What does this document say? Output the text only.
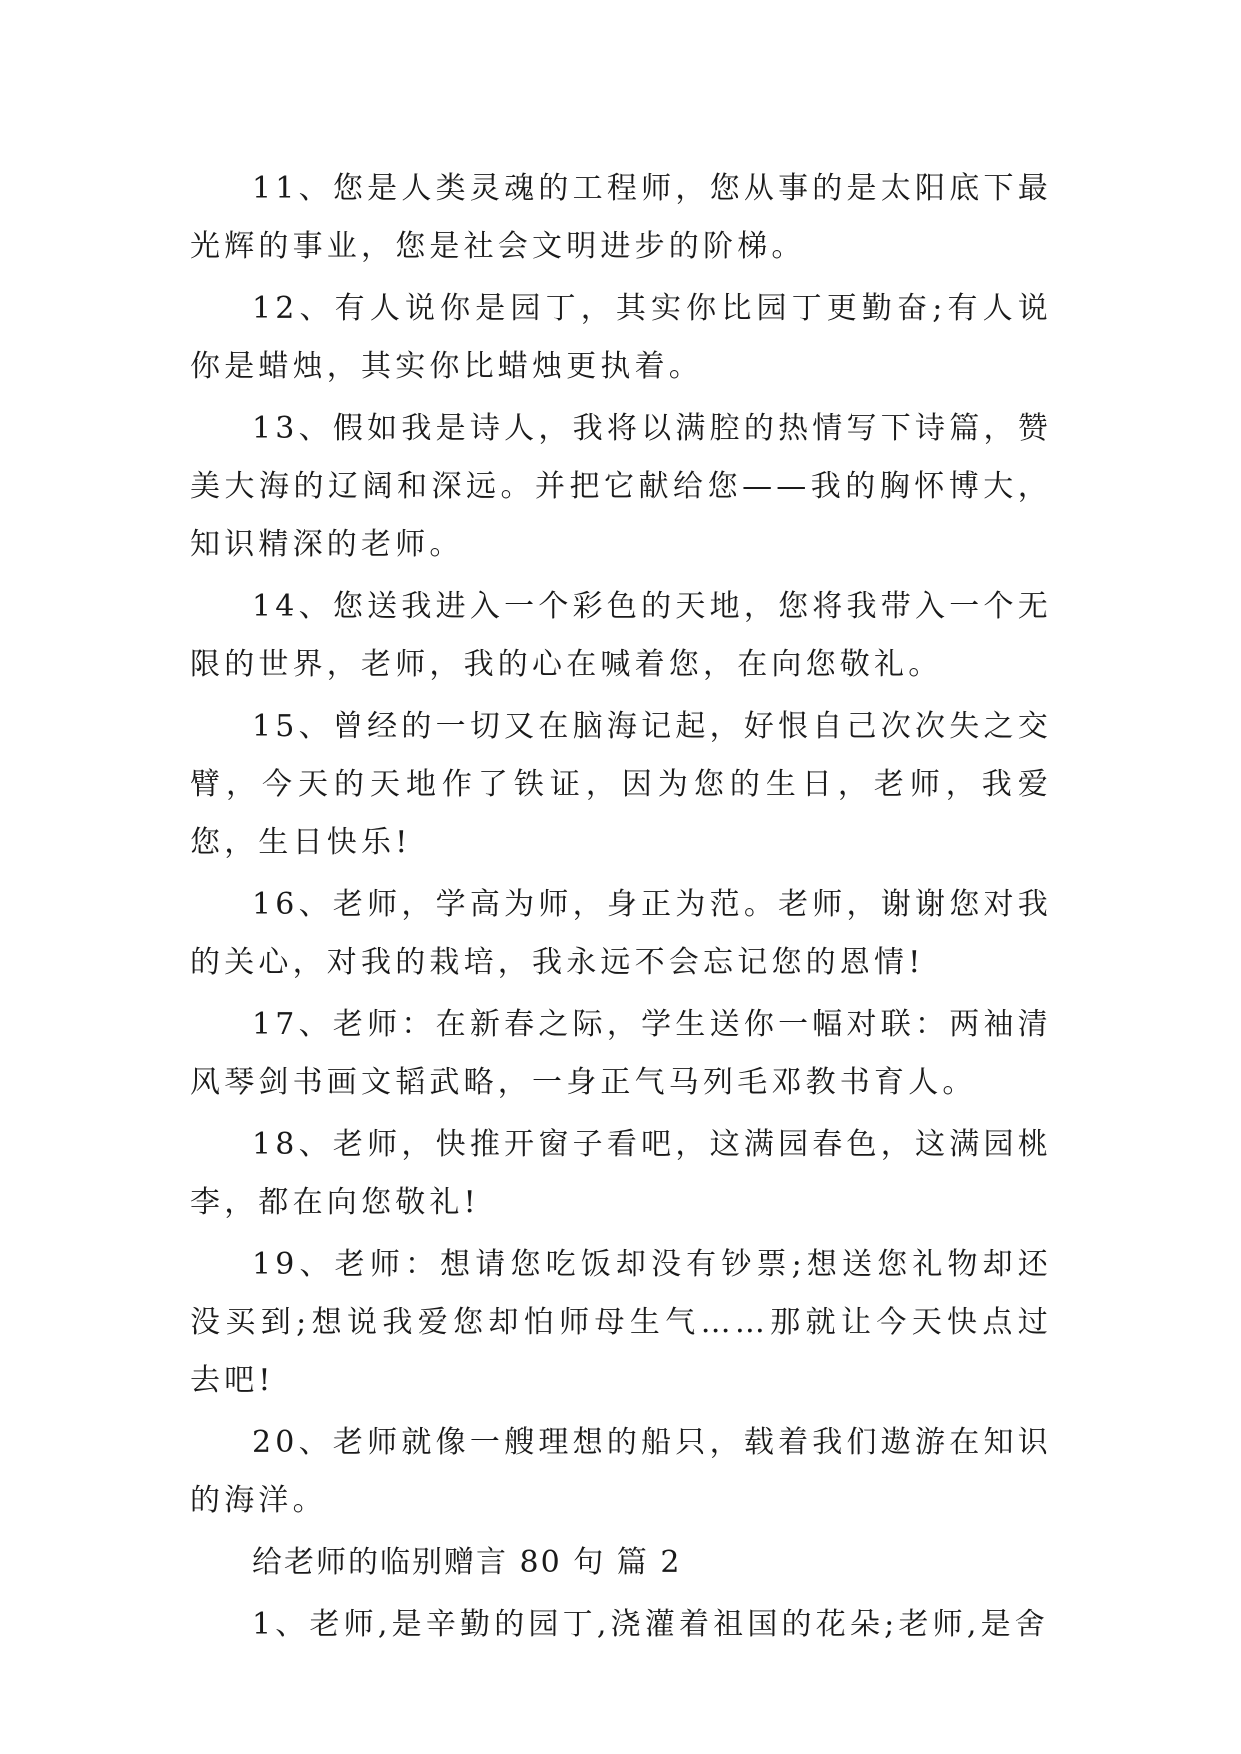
11、您是人类灵魂的工程师，您从事的是太阳底下最光辉的事业，您是社会文明进步的阶梯。

12、有人说你是园丁，其实你比园丁更勤奋;有人说你是蜡烛，其实你比蜡烛更执着。

13、假如我是诗人，我将以满腔的热情写下诗篇，赞美大海的辽阔和深远。并把它献给您——我的胸怀博大，知识精深的老师。

14、您送我进入一个彩色的天地，您将我带入一个无限的世界，老师，我的心在喊着您，在向您敬礼。

15、曾经的一切又在脑海记起，好恨自己次次失之交臂，今天的天地作了铁证，因为您的生日，老师，我爱您，生日快乐!

16、老师，学高为师，身正为范。老师，谢谢您对我的关心，对我的栽培，我永远不会忘记您的恩情!

17、老师：在新春之际，学生送你一幅对联：两袖清风琴剑书画文韬武略，一身正气马列毛邓教书育人。

18、老师，快推开窗子看吧，这满园春色，这满园桃李，都在向您敬礼!

19、老师：想请您吃饭却没有钞票;想送您礼物却还没买到;想说我爱您却怕师母生气……那就让今天快点过去吧!

20、老师就像一艘理想的船只，载着我们遨游在知识的海洋。

给老师的临别赠言 80 句 篇 2

1、老师,是辛勤的园丁,浇灌着祖国的花朵;老师,是舍
